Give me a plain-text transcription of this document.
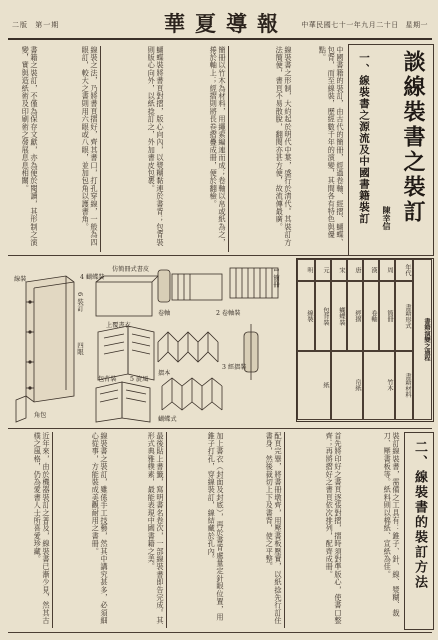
二版 第一期	華夏導報	中華民國七十一年九月二十日 星期一

談線裝書之裝訂
一、線裝書之源流及中國書籍裝訂 陳幸信
中國書籍的裝訂，由古代的簡冊，經過卷軸、經摺、蝴蝶、包背，而至線裝，歷經數千年的演變，其間各有特色與優點。
線裝書之形制，大約起於明代中葉，盛行於清代。其裝訂方法簡便，書頁不易散脫，翻閱亦甚方便，故流傳最廣。
簡冊以竹木為材料，用繩索編連而成；卷軸以帛或紙為之，捲於軸上；經摺則將長卷摺疊成冊，便於翻檢。
蝴蝶裝將書頁對摺，版心向內，以漿糊黏連於書背；包背裝則版心向外，以紙捻訂之，外加書皮包裹。
線裝之法，乃將書頁摺好，齊其書口，打孔穿線，一般為四眼訂，較大之書則用六眼或八眼，並加包角以護書角。
書籍之裝訂，不僅為保存文獻，亦為便於閱讀，其形制之演變，實與造紙術及印刷術之發展息息相關。
1 簡冊
2 卷軸裝
卷軸
3 經摺裝
摺本
蝴蝶式
上覆書衣
4 蝴蝶裝
仿簡冊式書皮
5 旋風
包背裝
6 裝訂
四眼
線裝
角包
書籍演變之過程
年代
書籍形式
書籍材料
周
簡冊
漢
卷軸
唐
經摺
宋
蝴蝶裝
元
包背裝
明
線裝
竹木
帛紙
紙
二、線裝書的裝訂方法
裝訂線裝書，需備之工具有：錐子、針、線、漿糊、裁刀、壓書板等。紙料則以棉紙、宣紙為佳。
首先將印好之書頁逐張對摺，摺時須對準版心，使書口整齊；再將摺好之書頁依次排列，配齊成冊。
配頁完畢，將書冊墩齊，用壓書板壓實，以紙捻先行訂住書身，然後裁切上下及書背，使之平整。
加上書衣（封面及封底），再於書背處量定針眼位置，用錐子打孔，穿線裝訂，線結藏於孔內。
最後貼上書籤，寫明書名卷次，一部線裝書即告完成。其形式典雅樸素，最能表現中國書籍之美。
線裝書之裝訂，雖係手工技藝，然其中講究甚多，必須細心從事，方能裝成美觀耐用之書冊。
近年來，由於機器裝訂之普及，線裝書已漸少見，然其古樸之風格，仍為愛書人士所喜愛珍藏。
